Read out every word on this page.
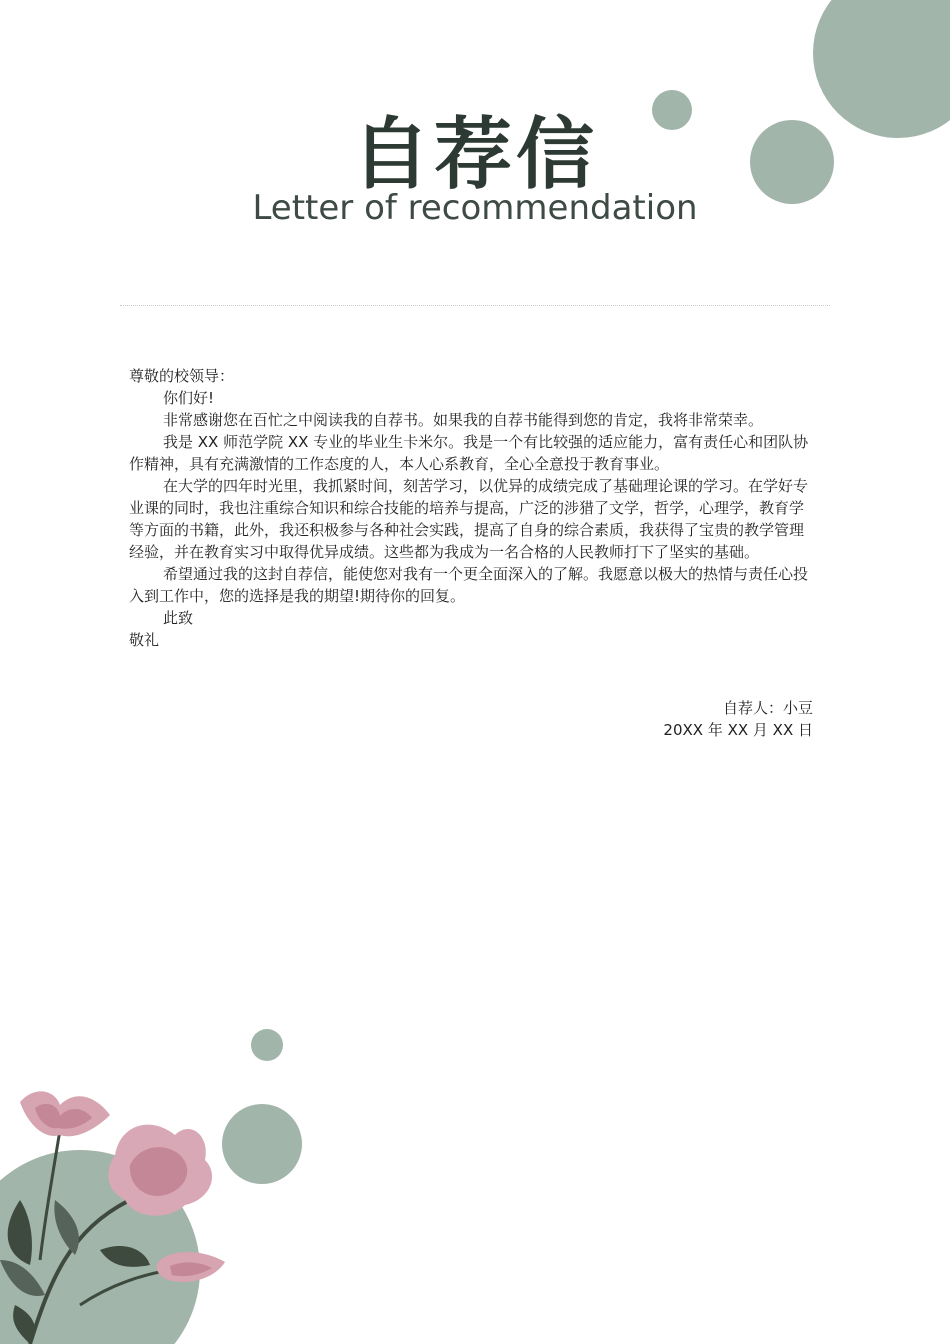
自荐信
Letter of recommendation

尊敬的校领导：

你们好!

非常感谢您在百忙之中阅读我的自荐书。如果我的自荐书能得到您的肯定，我将非常荣幸。

我是 XX 师范学院 XX 专业的毕业生卡米尔。我是一个有比较强的适应能力，富有责任心和团队协作精神，具有充满激情的工作态度的人，本人心系教育，全心全意投于教育事业。

在大学的四年时光里，我抓紧时间，刻苦学习，以优异的成绩完成了基础理论课的学习。在学好专业课的同时，我也注重综合知识和综合技能的培养与提高，广泛的涉猎了文学，哲学，心理学，教育学等方面的书籍，此外，我还积极参与各种社会实践，提高了自身的综合素质，我获得了宝贵的教学管理经验，并在教育实习中取得优异成绩。这些都为我成为一名合格的人民教师打下了坚实的基础。

希望通过我的这封自荐信，能使您对我有一个更全面深入的了解。我愿意以极大的热情与责任心投入到工作中，您的选择是我的期望!期待你的回复。

此致

敬礼

自荐人：小豆
20XX 年 XX 月 XX 日
